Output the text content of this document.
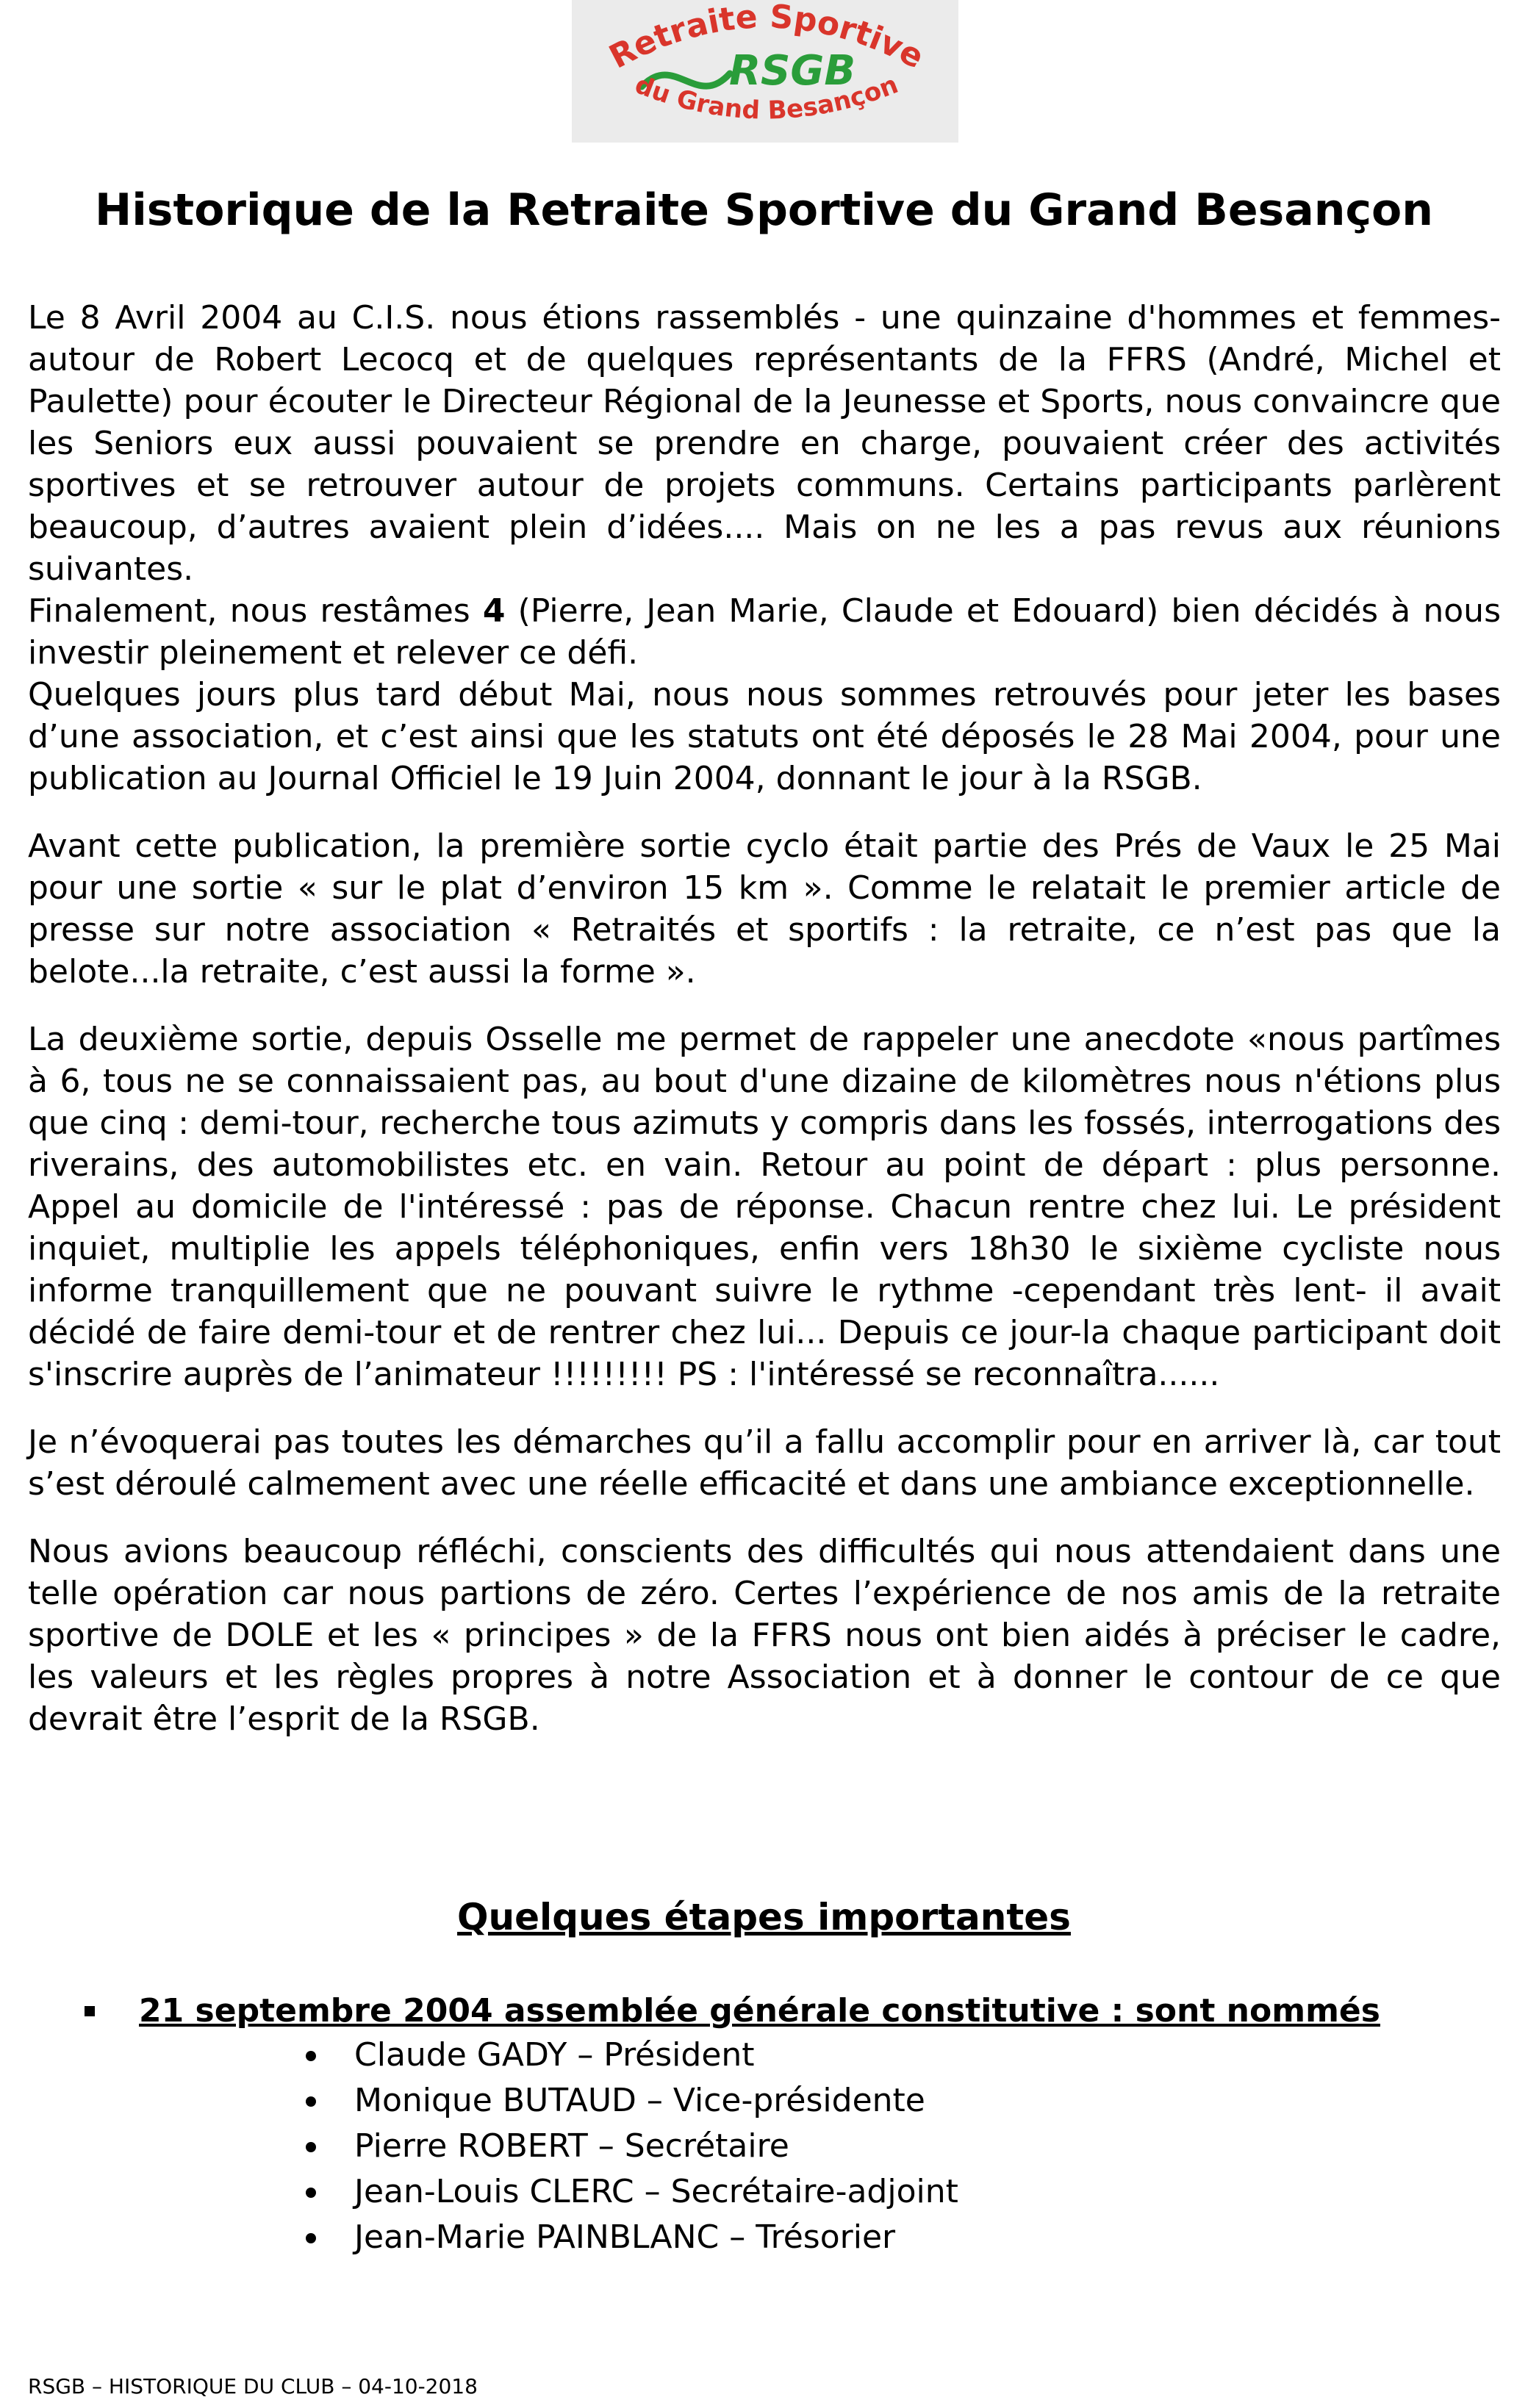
Retraite Sportive
RSGB
du Grand Besançon
Historique de la Retraite Sportive du Grand Besançon

Le 8 Avril 2004 au C.I.S. nous étions rassemblés - une quinzaine d'hommes et femmes- autour de Robert Lecocq et de quelques représentants de la FFRS (André, Michel et Paulette) pour écouter le Directeur Régional de la Jeunesse et Sports, nous convaincre que les Seniors eux aussi pouvaient se prendre en charge, pouvaient créer des activités sportives et se retrouver autour de projets communs. Certains participants parlèrent beaucoup, d’autres avaient plein d’idées.... Mais on ne les a pas revus aux réunions suivantes.

Finalement, nous restâmes 4 (Pierre, Jean Marie, Claude et Edouard) bien décidés à nous investir pleinement et relever ce défi.

Quelques jours plus tard début Mai, nous nous sommes retrouvés pour jeter les bases d’une association, et c’est ainsi que les statuts ont été déposés le 28 Mai 2004, pour une publication au Journal Officiel le 19 Juin 2004, donnant le jour à la RSGB.

Avant cette publication, la première sortie cyclo était partie des Prés de Vaux le 25 Mai pour une sortie « sur le plat d’environ 15 km ». Comme le relatait le premier article de presse sur notre association « Retraités et sportifs : la retraite, ce n’est pas que la belote...la retraite, c’est aussi la forme ».

La deuxième sortie, depuis Osselle me permet de rappeler une anecdote «nous partîmes à 6, tous ne se connaissaient pas, au bout d'une dizaine de kilomètres nous n'étions plus que cinq : demi-tour, recherche tous azimuts y compris dans les fossés, interrogations des riverains, des automobilistes etc. en vain. Retour au point de départ : plus personne. Appel au domicile de l'intéressé : pas de réponse. Chacun rentre chez lui. Le président inquiet, multiplie les appels téléphoniques, enfin vers 18h30 le sixième cycliste nous informe tranquillement que ne pouvant suivre le rythme -cependant très lent- il avait décidé de faire demi-tour et de rentrer chez lui... Depuis ce jour-la chaque participant doit s'inscrire auprès de l’animateur !!!!!!!!! PS : l'intéressé se reconnaîtra......

Je n’évoquerai pas toutes les démarches qu’il a fallu accomplir pour en arriver là, car tout s’est déroulé calmement avec une réelle efficacité et dans une ambiance exceptionnelle.

Nous avions beaucoup réfléchi, conscients des difficultés qui nous attendaient dans une telle opération car nous partions de zéro. Certes l’expérience de nos amis de la retraite sportive de DOLE et les « principes » de la FFRS nous ont bien aidés à préciser le cadre, les valeurs et les règles propres à notre Association et à donner le contour de ce que devrait être l’esprit de la RSGB.

Quelques étapes importantes
21 septembre 2004 assemblée générale constitutive : sont nommés
Claude GADY – Président
Monique BUTAUD – Vice-présidente
Pierre ROBERT – Secrétaire
Jean-Louis CLERC – Secrétaire-adjoint
Jean-Marie PAINBLANC – Trésorier
RSGB – HISTORIQUE DU CLUB – 04-10-2018
